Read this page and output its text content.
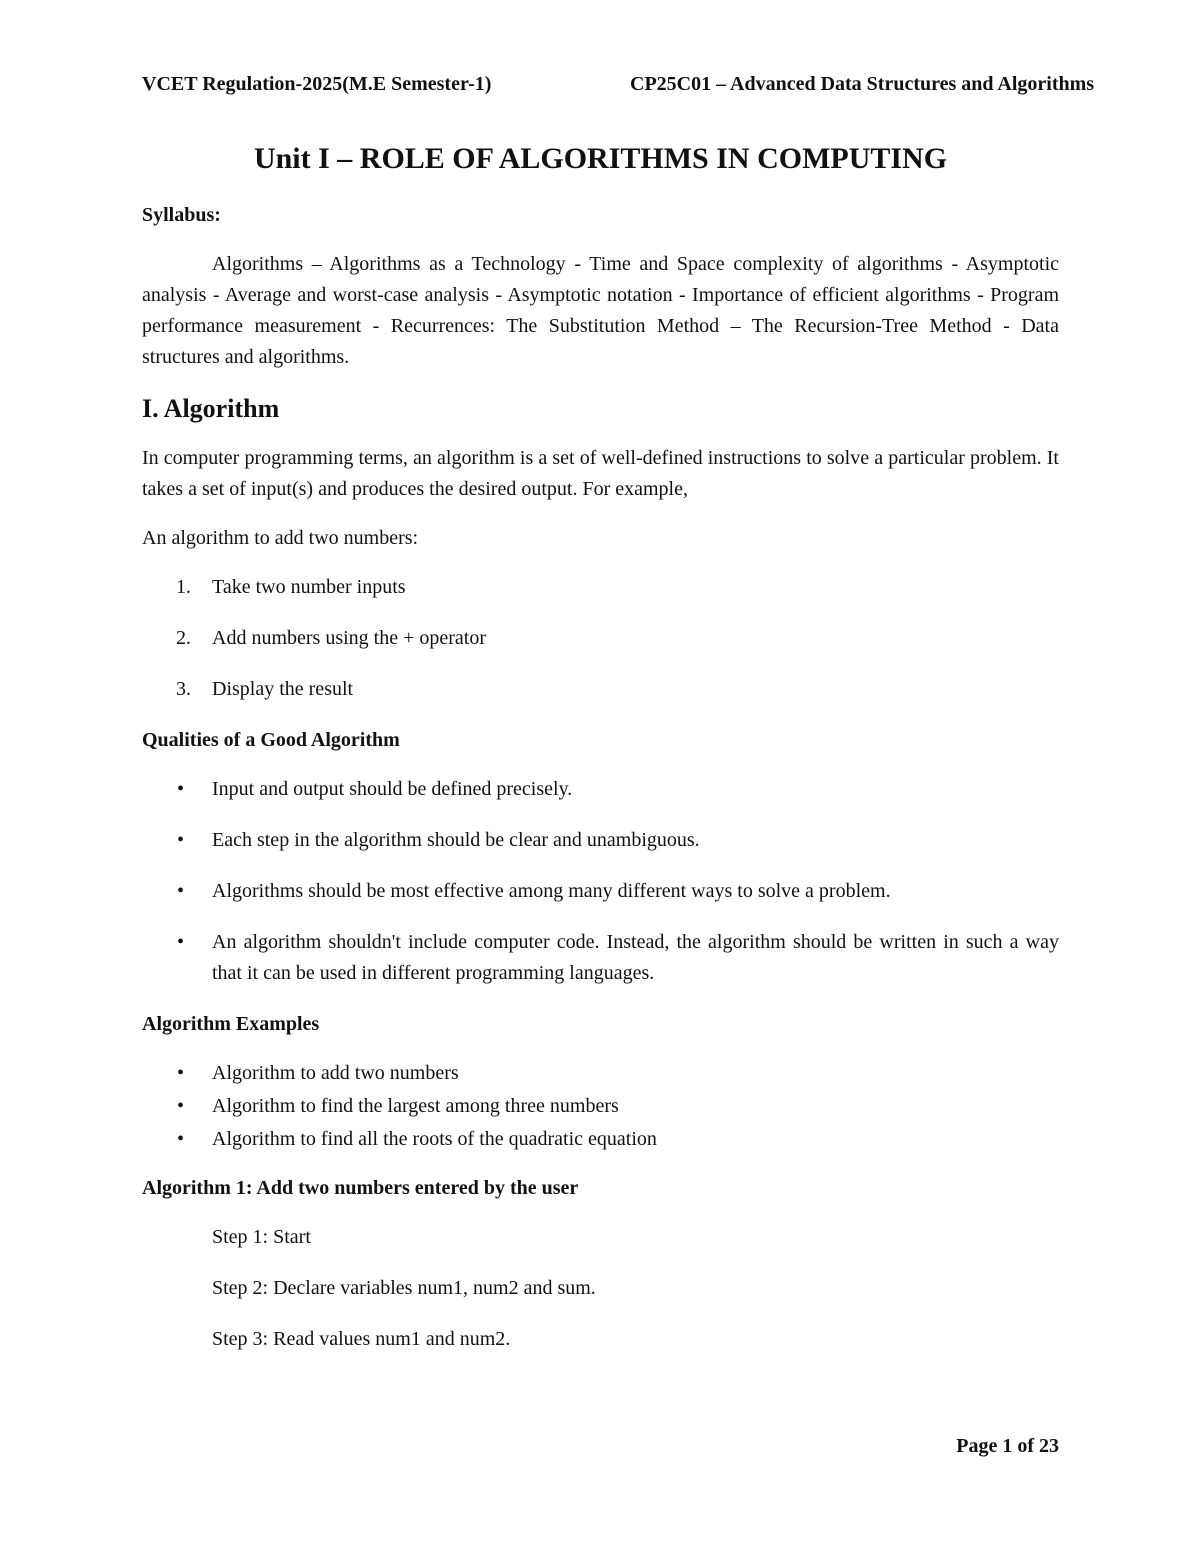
VCET Regulation-2025(M.E Semester-1)	CP25C01 – Advanced Data Structures and Algorithms
Unit I – ROLE OF ALGORITHMS IN COMPUTING
Syllabus:
Algorithms – Algorithms as a Technology - Time and Space complexity of algorithms - Asymptotic analysis - Average and worst-case analysis - Asymptotic notation - Importance of efficient algorithms - Program performance measurement - Recurrences: The Substitution Method – The Recursion-Tree Method - Data structures and algorithms.
I. Algorithm
In computer programming terms, an algorithm is a set of well-defined instructions to solve a particular problem. It takes a set of input(s) and produces the desired output. For example,
An algorithm to add two numbers:
1. Take two number inputs
2. Add numbers using the + operator
3. Display the result
Qualities of a Good Algorithm
• Input and output should be defined precisely.
• Each step in the algorithm should be clear and unambiguous.
• Algorithms should be most effective among many different ways to solve a problem.
• An algorithm shouldn't include computer code. Instead, the algorithm should be written in such a way that it can be used in different programming languages.
Algorithm Examples
• Algorithm to add two numbers
• Algorithm to find the largest among three numbers
• Algorithm to find all the roots of the quadratic equation
Algorithm 1: Add two numbers entered by the user
Step 1: Start
Step 2: Declare variables num1, num2 and sum.
Step 3: Read values num1 and num2.
Page 1 of 23
